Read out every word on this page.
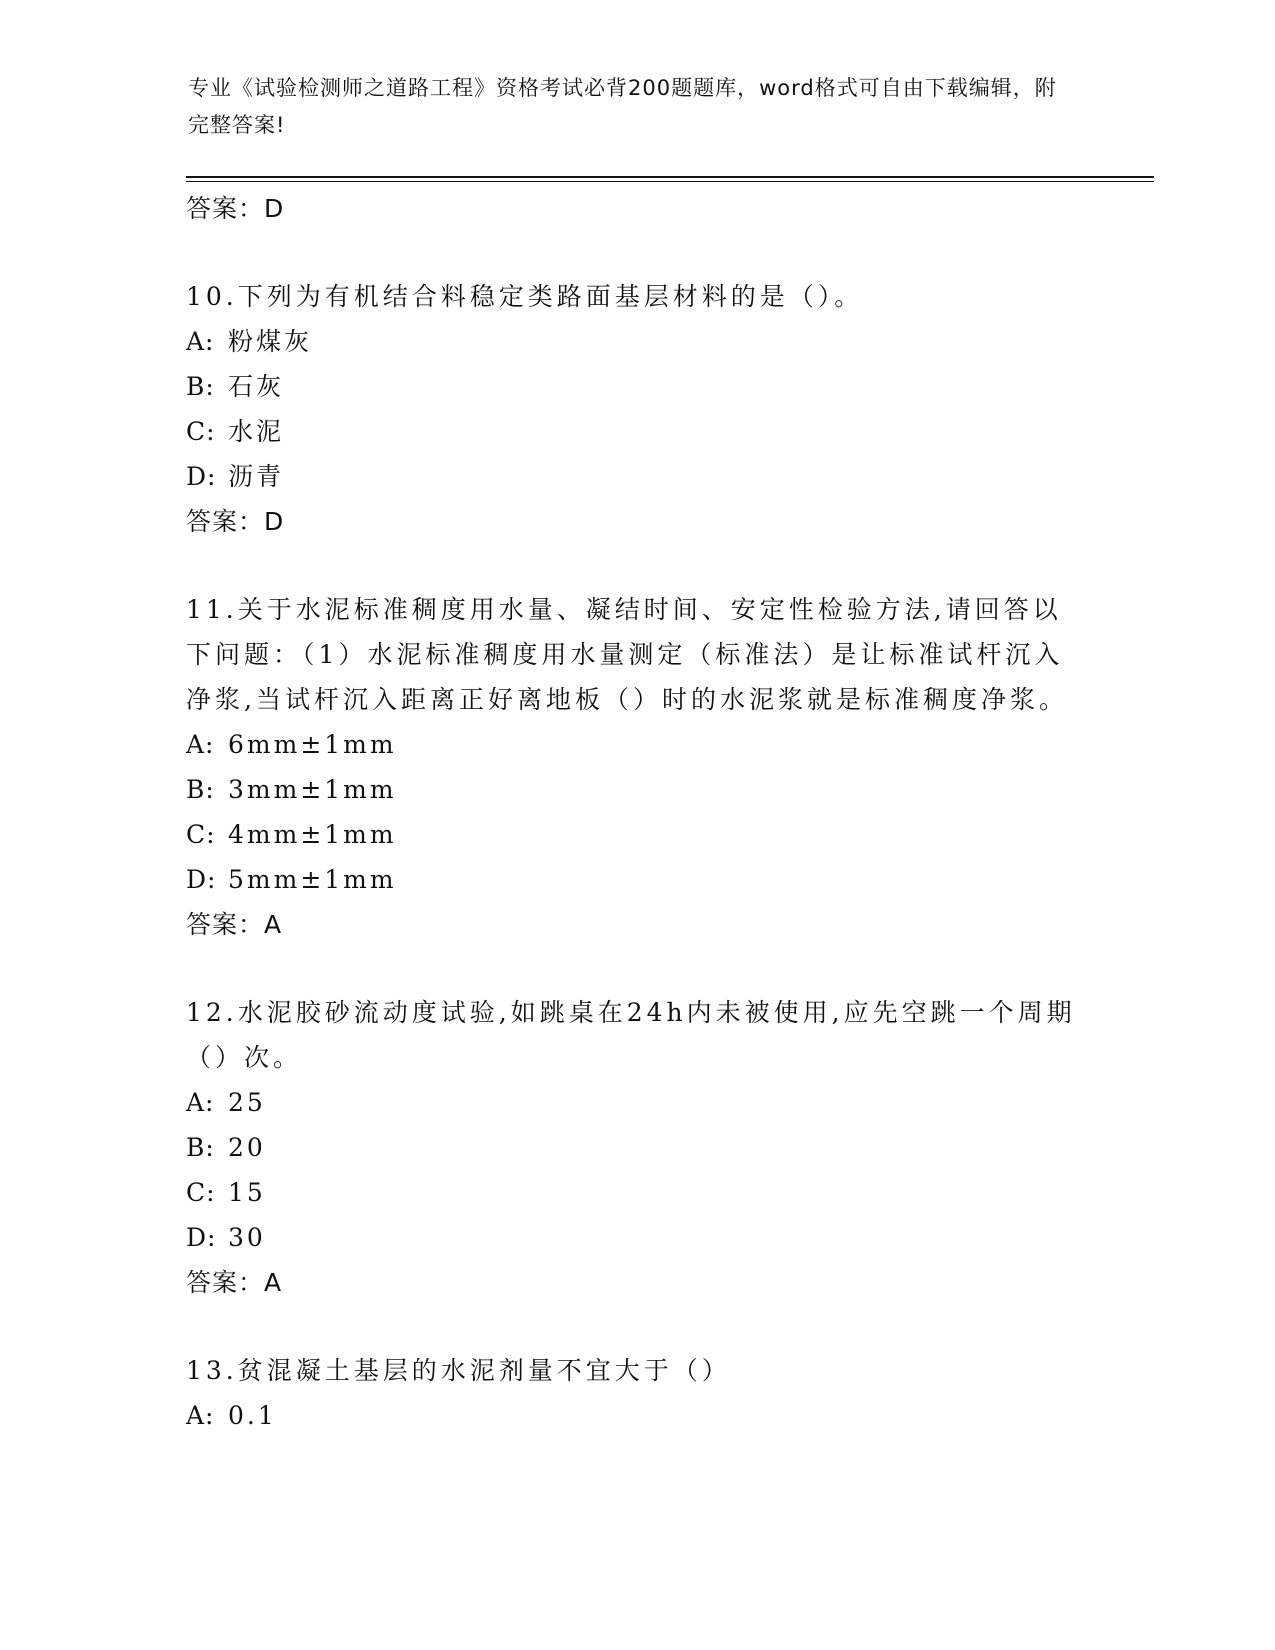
专业《试验检测师之道路工程》资格考试必背200题题库，word格式可自由下载编辑，附完整答案!
答案：D
10.下列为有机结合料稳定类路面基层材料的是（）。
A: 粉煤灰
B: 石灰
C: 水泥
D: 沥青
答案：D
11.关于水泥标准稠度用水量、凝结时间、安定性检验方法,请回答以下问题：（1）水泥标准稠度用水量测定（标准法）是让标准试杆沉入净浆,当试杆沉入距离正好离地板（）时的水泥浆就是标准稠度净浆。
A: 6mm±1mm
B: 3mm±1mm
C: 4mm±1mm
D: 5mm±1mm
答案：A
12.水泥胶砂流动度试验,如跳桌在24h内未被使用,应先空跳一个周期（）次。
A: 25
B: 20
C: 15
D: 30
答案：A
13.贫混凝土基层的水泥剂量不宜大于（）
A: 0.1
